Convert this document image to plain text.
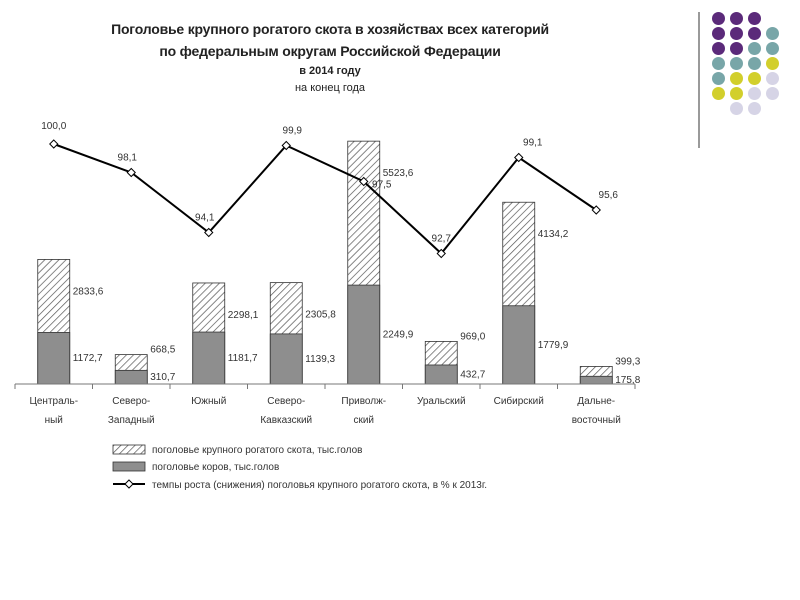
2833,6
1172,7
668,5
310,7
2298,1
1181,7
2305,8
1139,3
5523,6
2249,9	969,0
432,7
4134,2
1779,9
399,3
175,8
100,0
98,1
94,1
99,9
97,5
92,7
99,1
95,6
Централь-
ный
Северо-
Западный
Южный	Северо-
Кавказский
Приволж-
ский
Уральский	Сибирский	Дальне-
восточный
поголовье крупного рогатого скота, тыс.голов
поголовье коров, тыс.голов
темпы роста (снижения) поголовья крупного рогатого скота, в % к 2013г.
Поголовье крупного рогатого скота в хозяйствах всех категорий
по федеральным округам Российской Федерации
в 2014 году
на конец года
